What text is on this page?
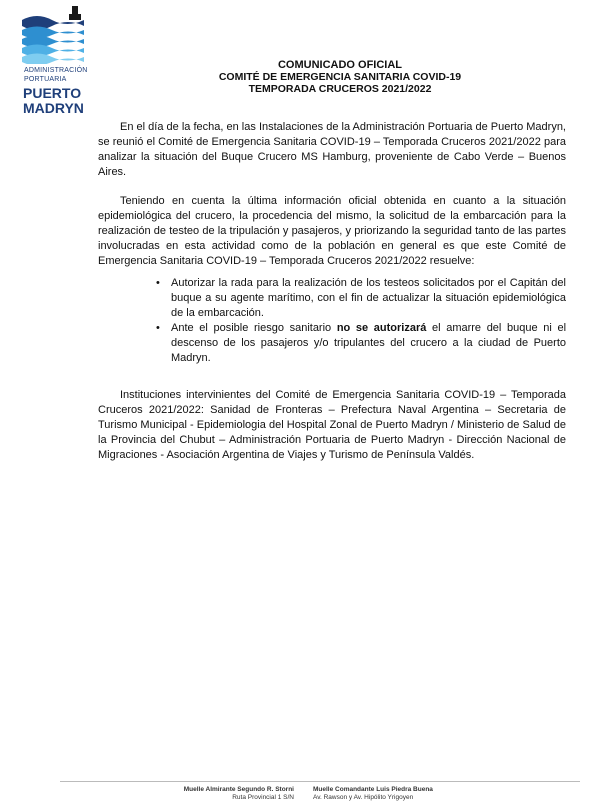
ADMINISTRACIÓN
PORTUARIA
PUERTO
MADRYN
COMUNICADO OFICIAL
COMITÉ DE EMERGENCIA SANITARIA COVID-19
TEMPORADA CRUCEROS 2021/2022
En el día de la fecha, en las Instalaciones de la Administración Portuaria de Puerto Madryn, se reunió el Comité de Emergencia Sanitaria COVID-19 – Temporada Cruceros 2021/2022 para analizar la situación del Buque Crucero MS Hamburg, proveniente de Cabo Verde – Buenos Aires.
Teniendo en cuenta la última información oficial obtenida en cuanto a la situación epidemiológica del crucero, la procedencia del mismo, la solicitud de la embarcación para la realización de testeo de la tripulación y pasajeros, y priorizando la seguridad tanto de las partes involucradas en esta actividad como de la población en general es que este Comité de Emergencia Sanitaria COVID-19 – Temporada Cruceros 2021/2022 resuelve:
• Autorizar la rada para la realización de los testeos solicitados por el Capitán del buque a su agente marítimo, con el fin de actualizar la situación epidemiológica de la embarcación.
• Ante el posible riesgo sanitario no se autorizará el amarre del buque ni el descenso de los pasajeros y/o tripulantes del crucero a la ciudad de Puerto Madryn.
Instituciones intervinientes del Comité de Emergencia Sanitaria COVID-19 – Temporada Cruceros 2021/2022: Sanidad de Fronteras – Prefectura Naval Argentina – Secretaria de Turismo Municipal - Epidemiologia del Hospital Zonal de Puerto Madryn / Ministerio de Salud de la Provincia del Chubut – Administración Portuaria de Puerto Madryn - Dirección Nacional de Migraciones - Asociación Argentina de Viajes y Turismo de Península Valdés.
Muelle Almirante Segundo R. Storni
Ruta Provincial 1 S/N
Muelle Comandante Luis Piedra Buena
Av. Rawson y Av. Hipólito Yrigoyen
